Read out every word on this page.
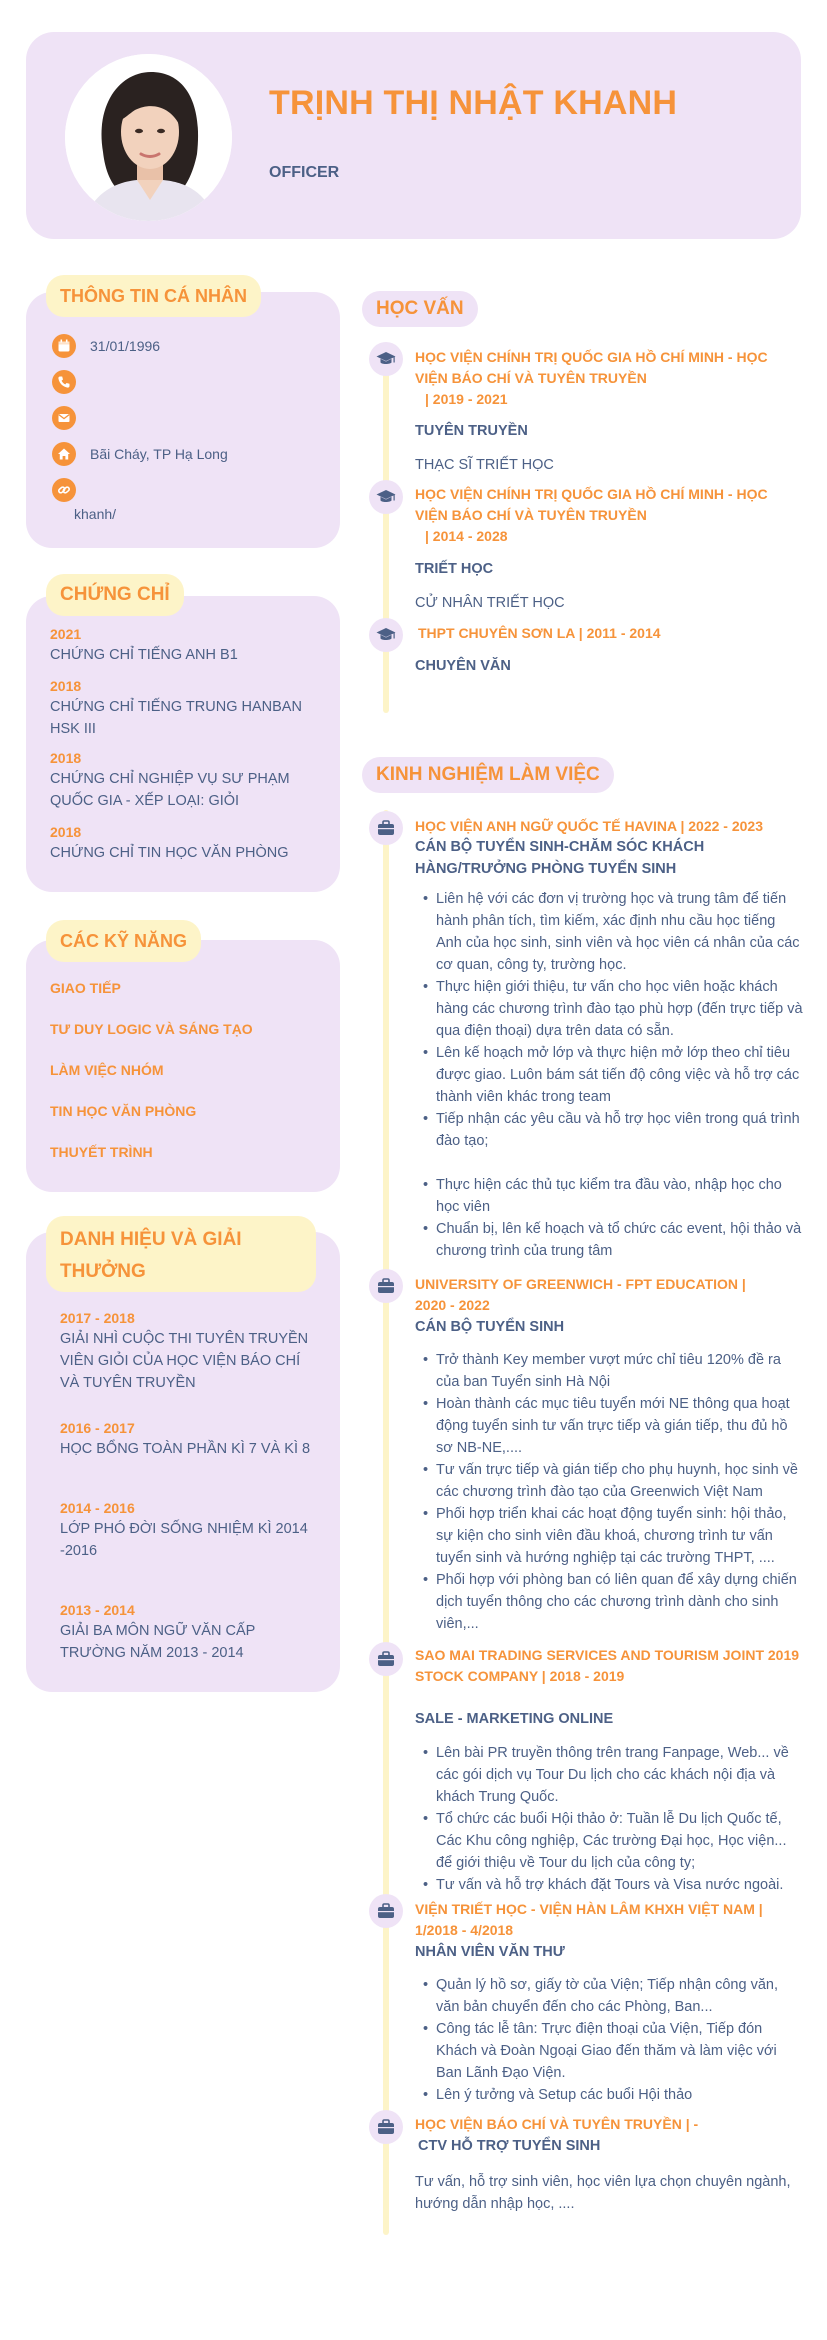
TRỊNH THỊ NHẬT KHANH
OFFICER
THÔNG TIN CÁ NHÂN
31/01/1996
Bãi Cháy, TP Hạ Long
khanh/
CHỨNG CHỈ
2021
CHỨNG CHỈ TIẾNG ANH B1
2018
CHỨNG CHỈ TIẾNG TRUNG HANBAN HSK III
2018
CHỨNG CHỈ NGHIỆP VỤ SƯ PHẠM QUỐC GIA - XẾP LOẠI: GIỎI
2018
CHỨNG CHỈ TIN HỌC VĂN PHÒNG
CÁC KỸ NĂNG
GIAO TIẾP
TƯ DUY LOGIC VÀ SÁNG TẠO
LÀM VIỆC NHÓM
TIN HỌC VĂN PHÒNG
THUYẾT TRÌNH
DANH HIỆU VÀ GIẢI THƯỞNG
2017 - 2018
GIẢI NHÌ CUỘC THI TUYÊN TRUYỀN VIÊN GIỎI CỦA HỌC VIỆN BÁO CHÍ VÀ TUYÊN TRUYỀN
2016 - 2017
HỌC BỔNG TOÀN PHẦN KÌ 7 VÀ KÌ 8
2014 - 2016
LỚP PHÓ ĐỜI SỐNG NHIỆM KÌ 2014 -2016
2013 - 2014
GIẢI BA MÔN NGỮ VĂN CẤP TRƯỜNG NĂM 2013 - 2014
HỌC VẤN
HỌC VIỆN CHÍNH TRỊ QUỐC GIA HỒ CHÍ MINH - HỌC VIỆN BÁO CHÍ VÀ TUYÊN TRUYỀN
| 2019 - 2021
TUYÊN TRUYỀN
THẠC SĨ TRIẾT HỌC
HỌC VIỆN CHÍNH TRỊ QUỐC GIA HỒ CHÍ MINH - HỌC VIỆN BÁO CHÍ VÀ TUYÊN TRUYỀN
| 2014 - 2028
TRIẾT HỌC
CỬ NHÂN TRIẾT HỌC
THPT CHUYÊN SƠN LA | 2011 - 2014
CHUYÊN VĂN
KINH NGHIỆM LÀM VIỆC
HỌC VIỆN ANH NGỮ QUỐC TẾ HAVINA | 2022 - 2023
CÁN BỘ TUYỂN SINH-CHĂM SÓC KHÁCH HÀNG/TRƯỞNG PHÒNG TUYỂN SINH
• Liên hệ với các đơn vị trường học và trung tâm để tiến hành phân tích, tìm kiếm, xác định nhu cầu học tiếng Anh của học sinh, sinh viên và học viên cá nhân của các cơ quan, công ty, trường học.
• Thực hiện giới thiệu, tư vấn cho học viên hoặc khách hàng các chương trình đào tạo phù hợp (đến trực tiếp và qua điện thoại) dựa trên data có sẵn.
• Lên kế hoạch mở lớp và thực hiện mở lớp theo chỉ tiêu được giao. Luôn bám sát tiến độ công việc và hỗ trợ các thành viên khác trong team
• Tiếp nhận các yêu cầu và hỗ trợ học viên trong quá trình đào tạo;
• Thực hiện các thủ tục kiểm tra đầu vào, nhập học cho học viên
• Chuẩn bị, lên kế hoạch và tổ chức các event, hội thảo và chương trình của trung tâm
UNIVERSITY OF GREENWICH - FPT EDUCATION | 2020 - 2022
CÁN BỘ TUYỂN SINH
• Trở thành Key member vượt mức chỉ tiêu 120% đề ra của ban Tuyển sinh Hà Nội
• Hoàn thành các mục tiêu tuyển mới NE thông qua hoạt động tuyển sinh tư vấn trực tiếp và gián tiếp, thu đủ hồ sơ NB-NE,....
• Tư vấn trực tiếp và gián tiếp cho phụ huynh, học sinh về các chương trình đào tạo của Greenwich Việt Nam
• Phối hợp triển khai các hoạt động tuyển sinh: hội thảo, sự kiện cho sinh viên đầu khoá, chương trình tư vấn tuyển sinh và hướng nghiệp tại các trường THPT, ....
• Phối hợp với phòng ban có liên quan để xây dựng chiến dịch tuyển thông cho các chương trình dành cho sinh viên,...
SAO MAI TRADING SERVICES AND TOURISM JOINT 2019 STOCK COMPANY | 2018 - 2019
SALE - MARKETING ONLINE
• Lên bài PR truyền thông trên trang Fanpage, Web... về các gói dịch vụ Tour Du lịch cho các khách nội địa và khách Trung Quốc.
• Tổ chức các buổi Hội thảo ở: Tuần lễ Du lịch Quốc tế, Các Khu công nghiệp, Các trường Đại học, Học viện... để giới thiệu về Tour du lịch của công ty;
• Tư vấn và hỗ trợ khách đặt Tours và Visa nước ngoài.
VIỆN TRIẾT HỌC - VIỆN HÀN LÂM KHXH VIỆT NAM | 1/2018 - 4/2018
NHÂN VIÊN VĂN THƯ
• Quản lý hồ sơ, giấy tờ của Viện; Tiếp nhận công văn, văn bản chuyển đến cho các Phòng, Ban...
• Công tác lễ tân: Trực điện thoại của Viện, Tiếp đón Khách và Đoàn Ngoại Giao đến thăm và làm việc với Ban Lãnh Đạo Viện.
• Lên ý tưởng và Setup các buổi Hội thảo
HỌC VIỆN BÁO CHÍ VÀ TUYÊN TRUYỀN | -
CTV HỖ TRỢ TUYỂN SINH
Tư vấn, hỗ trợ sinh viên, học viên lựa chọn chuyên ngành, hướng dẫn nhập học, ....
